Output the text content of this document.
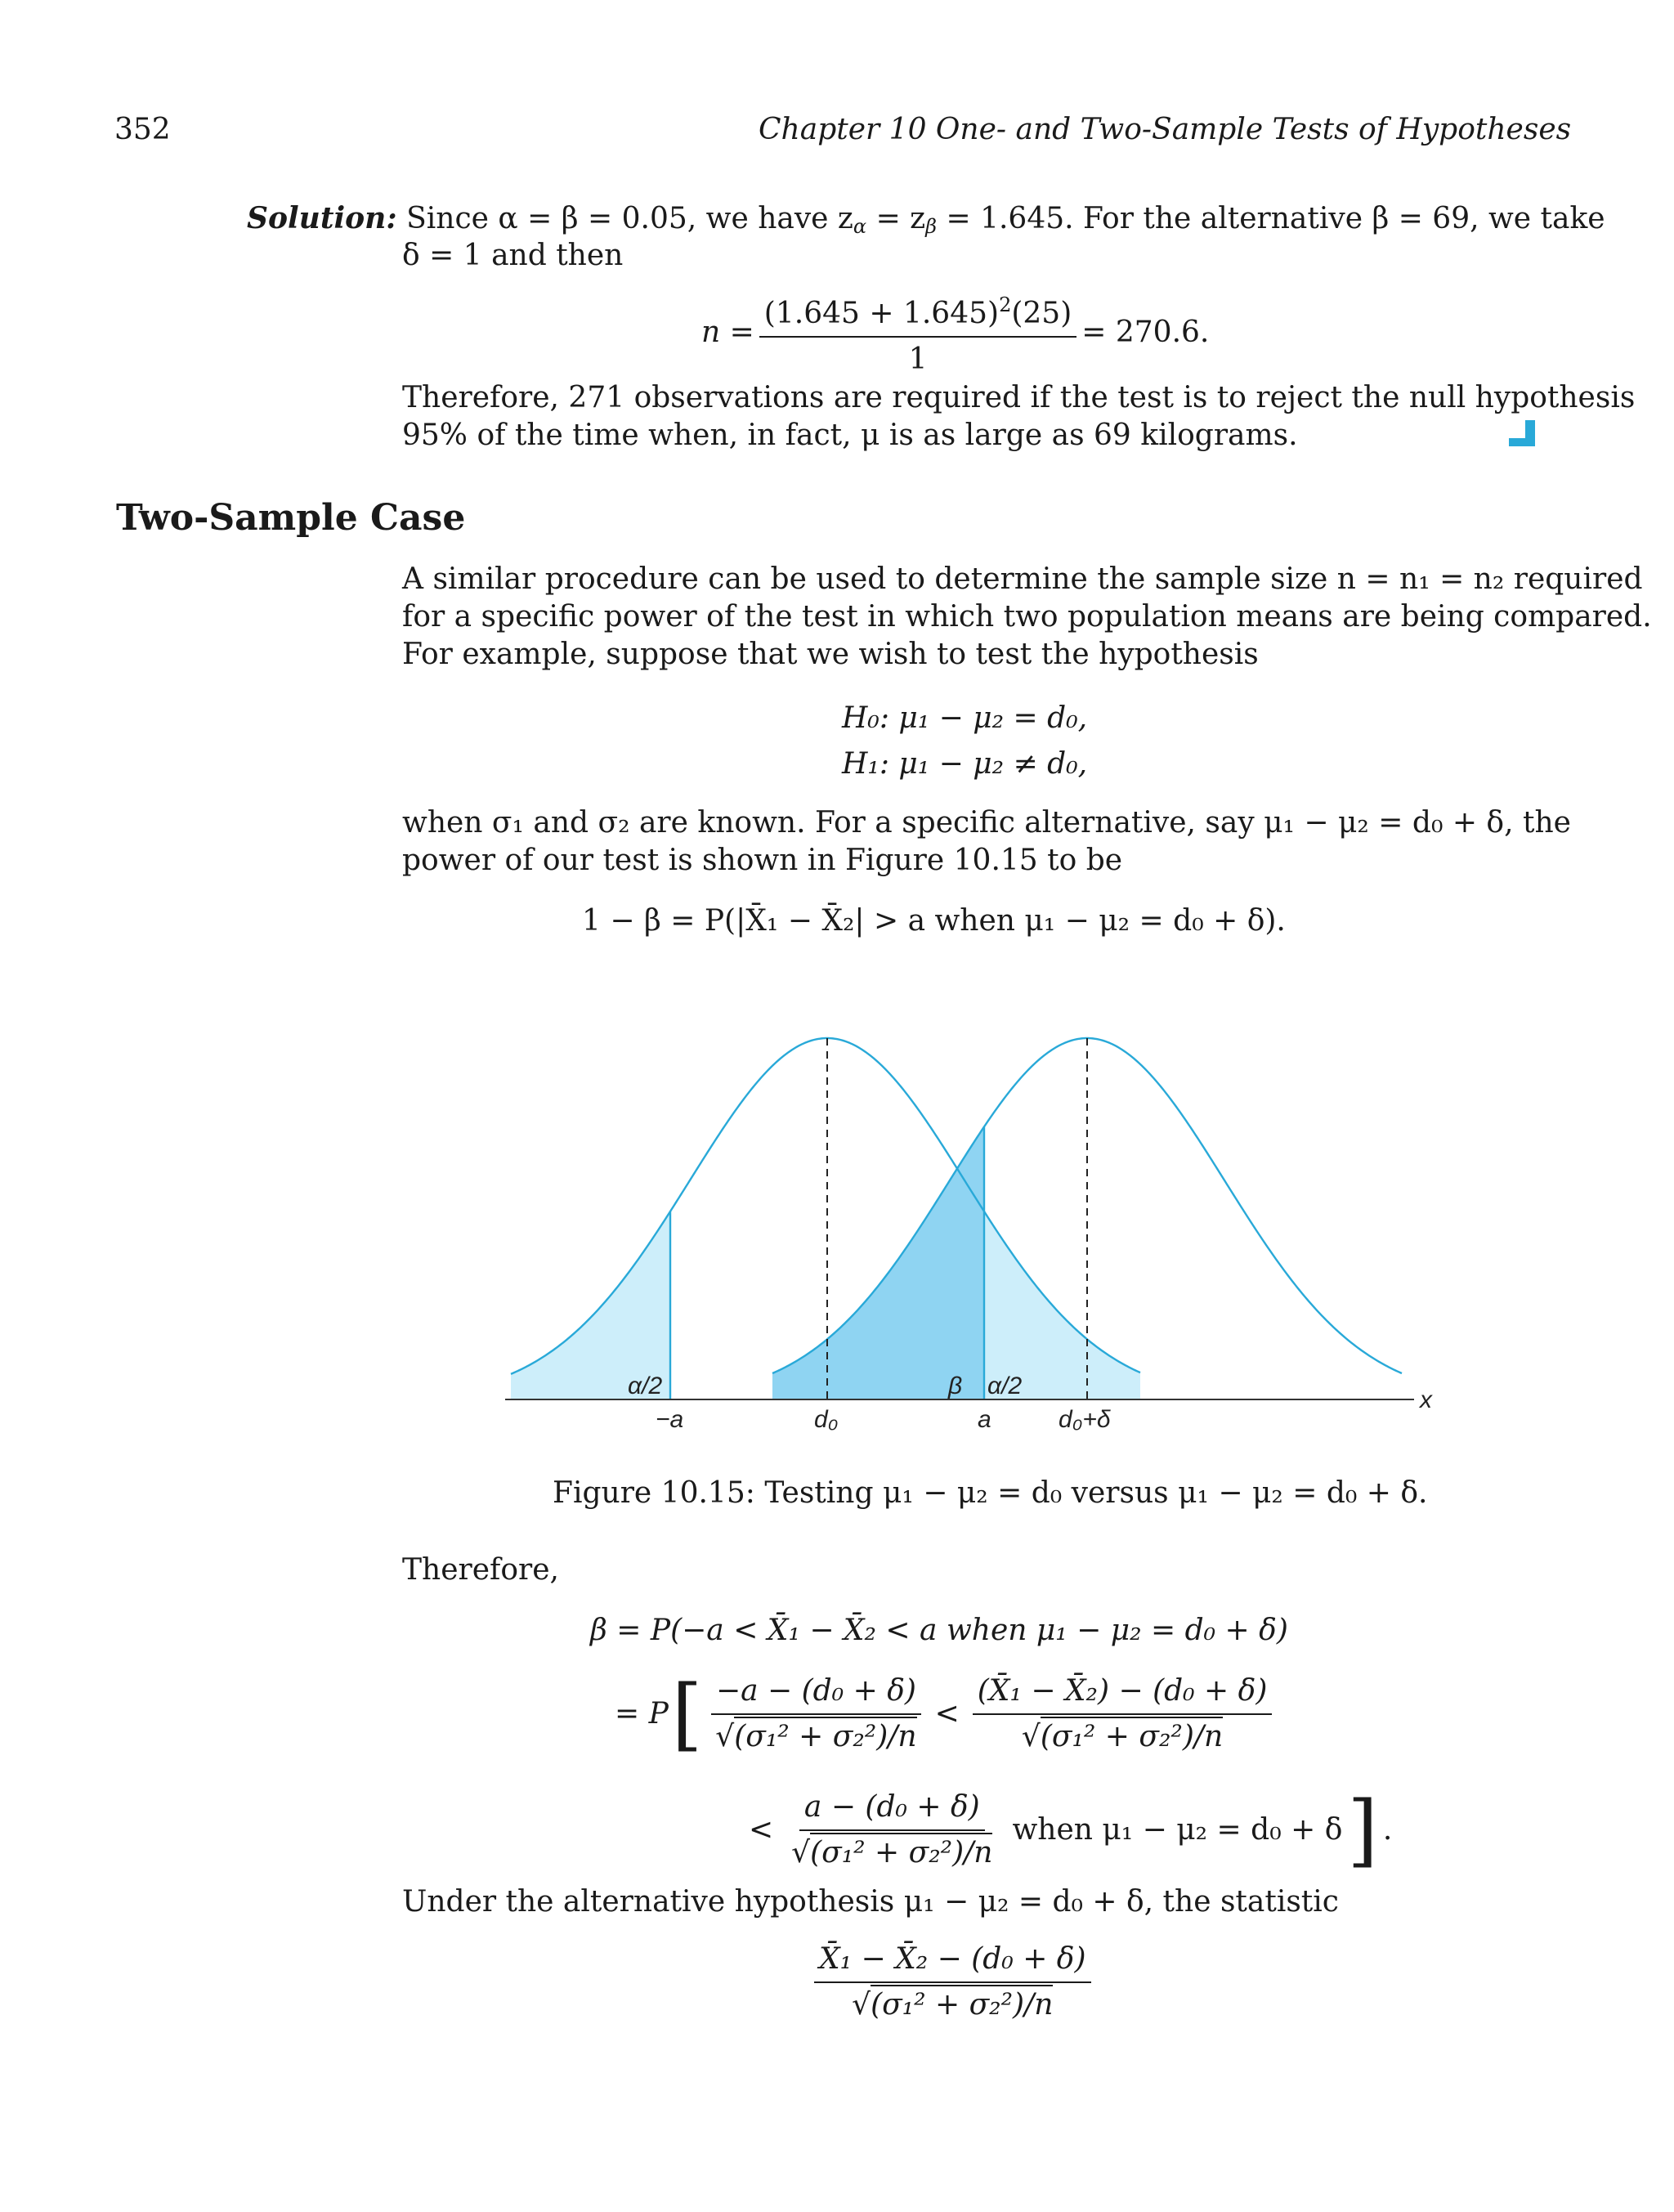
352	Chapter 10 One- and Two-Sample Tests of Hypotheses
Solution: Since α = β = 0.05, we have $z_\alpha = z_\beta = 1.645$. For the alternative β = 69, we take
δ = 1 and then
$n = \frac{(1.645 + 1.645)^2(25)}{1} = 270.6$.
Therefore, 271 observations are required if the test is to reject the null hypothesis
95% of the time when, in fact, μ is as large as 69 kilograms.
Two-Sample Case
A similar procedure can be used to determine the sample size n = n₁ = n₂ required
for a specific power of the test in which two population means are being compared.
For example, suppose that we wish to test the hypothesis
H₀: μ₁ − μ₂ = d₀,
H₁: μ₁ − μ₂ ≠ d₀,
when σ₁ and σ₂ are known. For a specific alternative, say μ₁ − μ₂ = d₀ + δ, the
power of our test is shown in Figure 10.15 to be
1 − β = P(|X̄₁ − X̄₂| > a when μ₁ − μ₂ = d₀ + δ).
α/2	β α/2
−a	d₀	a	d₀+δ
x
Figure 10.15: Testing μ₁ − μ₂ = d₀ versus μ₁ − μ₂ = d₀ + δ.
Therefore,
β = P(−a < X̄₁ − X̄₂ < a when μ₁ − μ₂ = d₀ + δ)
= P [ $\frac{\text{−a − (d₀ + δ)}}{\text{√(σ₁² + σ₂²)/n}} < \frac{\text{(X̄₁ − X̄₂) − (d₀ + δ)}}{\text{√(σ₁² + σ₂²)/n}}$
< $\frac{\text{a − (d₀ + δ)}}{\text{√(σ₁² + σ₂²)/n}}$ when μ₁ − μ₂ = d₀ + δ ] .
Under the alternative hypothesis μ₁ − μ₂ = d₀ + δ, the statistic
$\frac{\text{X̄₁ − X̄₂ − (d₀ + δ)}}{\text{√(σ₁² + σ₂²)/n}}$
